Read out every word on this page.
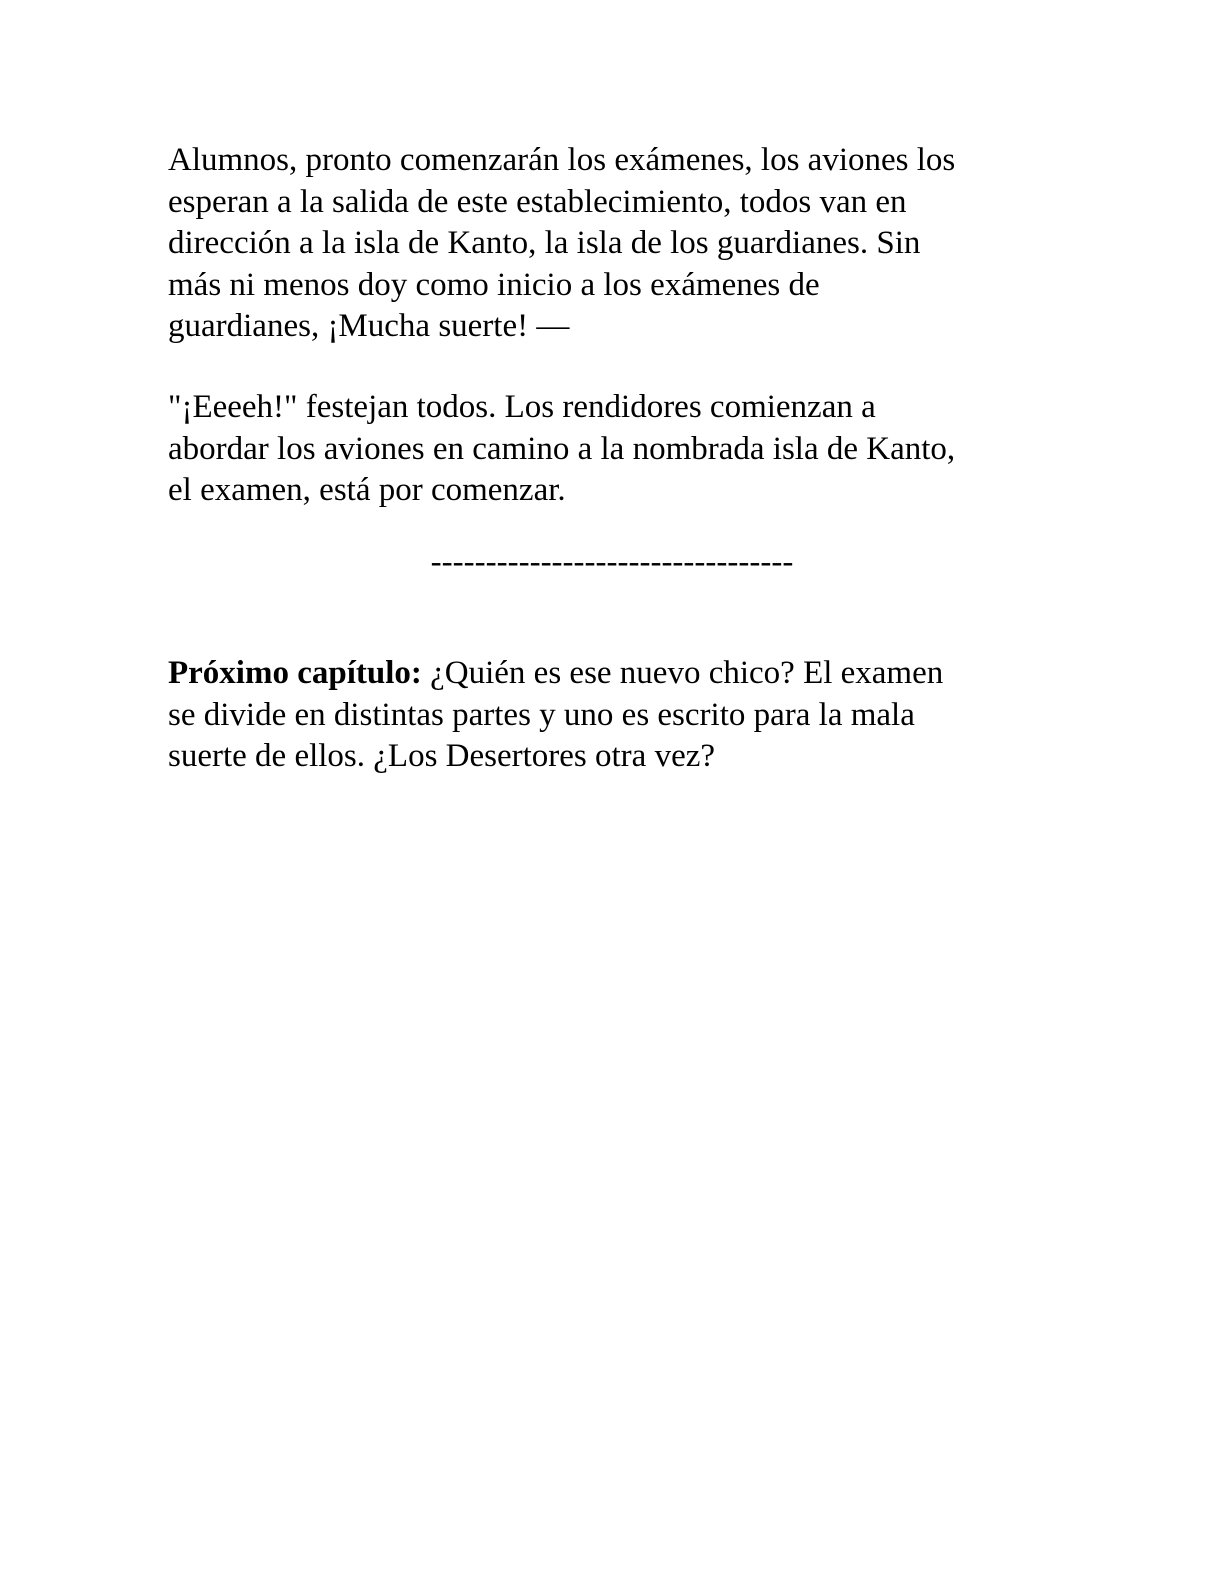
Alumnos, pronto comenzarán los exámenes, los aviones los
esperan a la salida de este establecimiento, todos van en
dirección a la isla de Kanto, la isla de los guardianes. Sin
más ni menos doy como inicio a los exámenes de
guardianes, ¡Mucha suerte! —

"¡Eeeeh!" festejan todos. Los rendidores comienzan a
abordar los aviones en camino a la nombrada isla de Kanto,
el examen, está por comenzar.

---------------------------------

Próximo capítulo: ¿Quién es ese nuevo chico? El examen
se divide en distintas partes y uno es escrito para la mala
suerte de ellos. ¿Los Desertores otra vez?
